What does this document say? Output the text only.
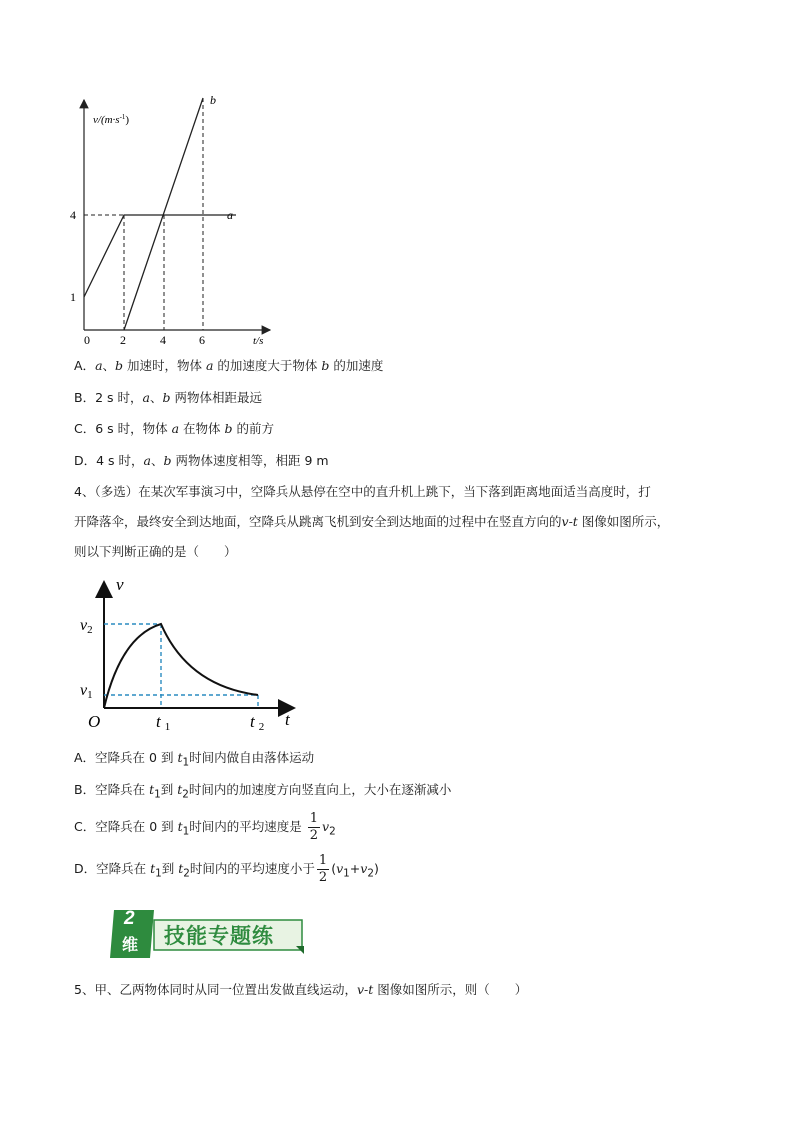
$v/(m\cdot s^{-1})$
b
a
4
1
0	2	4	6	t/s
A．a、b 加速时，物体 a 的加速度大于物体 b 的加速度
B．2 s 时，a、b 两物体相距最远
C．6 s 时，物体 a 在物体 b 的前方
D．4 s 时，a、b 两物体速度相等，相距 9 m
4、（多选）在某次军事演习中，空降兵从悬停在空中的直升机上跳下，当下落到距离地面适当高度时，打
开降落伞，最终安全到达地面，空降兵从跳离飞机到安全到达地面的过程中在竖直方向的v-t 图像如图所示，
则以下判断正确的是（　　）
v
v2
v1
O	t 1	t 2 t
A．空降兵在 0 到 $t_1$时间内做自由落体运动
B．空降兵在 $t_1$到 $t_2$时间内的加速度方向竖直向上，大小在逐渐减小
C．空降兵在 0 到 $t_1$时间内的平均速度是 $\frac{1}{2} v_2$
D．空降兵在 $t_1$到 $t_2$时间内的平均速度小于 $\frac{1}{2} (v_1+v_2)$
2
维 技能专题练
5、甲、乙两物体同时从同一位置出发做直线运动，v-t 图像如图所示，则（　　）
